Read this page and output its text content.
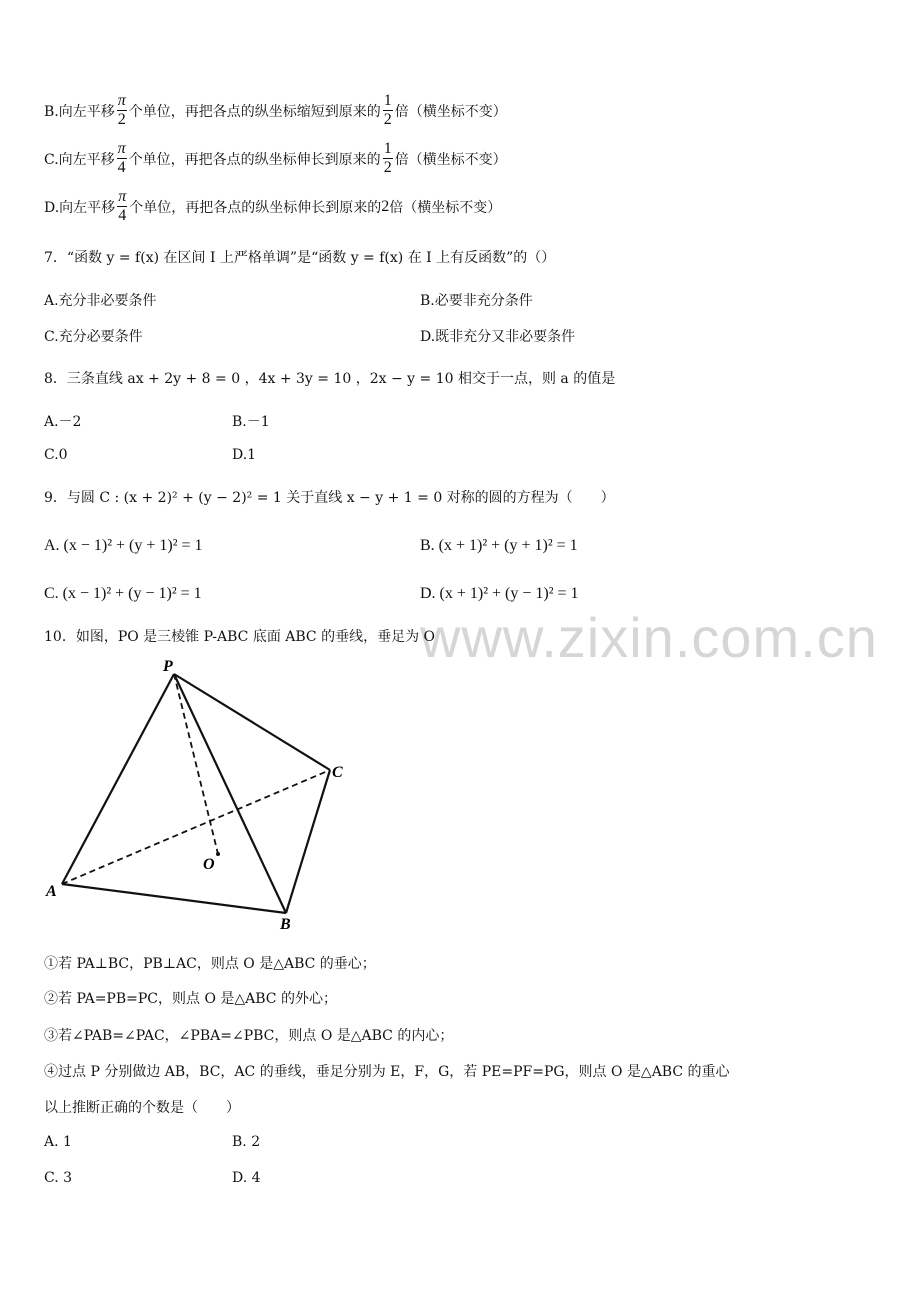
B.向左平移 $\frac{\pi}{2}$ 个单位，再把各点的纵坐标缩短到原来的 $\frac{1}{2}$ 倍（横坐标不变）
C.向左平移 $\frac{\pi}{4}$ 个单位，再把各点的纵坐标伸长到原来的 $\frac{1}{2}$ 倍（横坐标不变）
D.向左平移 $\frac{\pi}{4}$ 个单位，再把各点的纵坐标伸长到原来的 2 倍（横坐标不变）
7．“函数 y = f(x) 在区间 I 上严格单调”是“函数 y = f(x) 在 I 上有反函数”的（）
A.充分非必要条件	B.必要非充分条件
C.充分必要条件	D.既非充分又非必要条件
8．三条直线 ax + 2y + 8 = 0 ，4x + 3y = 10 ，2x − y = 10 相交于一点，则 a 的值是
A.－2	B.－1
C.0	D.1
9．与圆 C : (x + 2)² + (y − 2)² = 1 关于直线 x − y + 1 = 0 对称的圆的方程为（　　）
A. (x − 1)² + (y + 1)² = 1	B. (x + 1)² + (y + 1)² = 1
C. (x − 1)² + (y − 1)² = 1	D. (x + 1)² + (y − 1)² = 1
www.zixin.com.cn
10．如图，PO 是三棱锥 P-ABC 底面 ABC 的垂线，垂足为 O
P
C
O
A
B
①若 PA⊥BC，PB⊥AC，则点 O 是△ABC 的垂心；
②若 PA=PB=PC，则点 O 是△ABC 的外心；
③若∠PAB=∠PAC，∠PBA=∠PBC，则点 O 是△ABC 的内心；
④过点 P 分别做边 AB，BC，AC 的垂线，垂足分别为 E，F，G，若 PE=PF=PG，则点 O 是△ABC 的重心
以上推断正确的个数是（　　）
A. 1	B. 2
C. 3	D. 4
